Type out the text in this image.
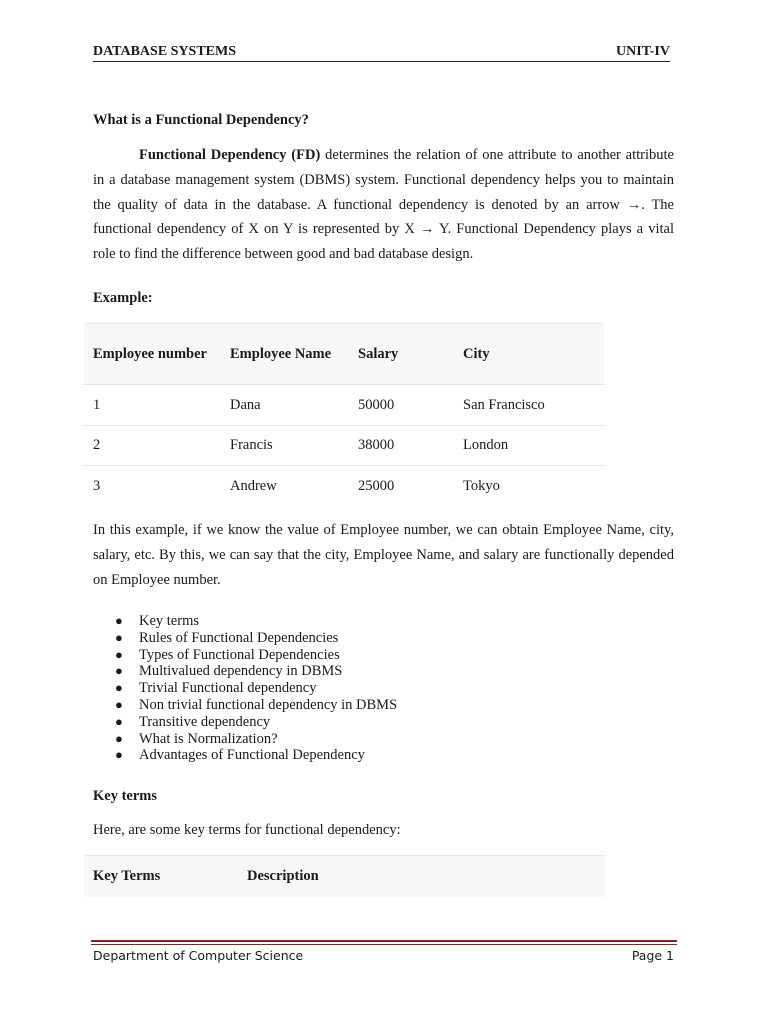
DATABASE SYSTEMS	UNIT-IV
What is a Functional Dependency?

Functional Dependency (FD) determines the relation of one attribute to another attribute in a database management system (DBMS) system. Functional dependency helps you to maintain the quality of data in the database. A functional dependency is denoted by an arrow →. The functional dependency of X on Y is represented by X → Y. Functional Dependency plays a vital role to find the difference between good and bad database design.

Example:
Employee number	Employee Name	Salary	City
1	Dana	50000	San Francisco
2	Francis	38000	London
3	Andrew	25000	Tokyo

In this example, if we know the value of Employee number, we can obtain Employee Name, city, salary, etc. By this, we can say that the city, Employee Name, and salary are functionally depended on Employee number.

● Key terms
● Rules of Functional Dependencies
● Types of Functional Dependencies
● Multivalued dependency in DBMS
● Trivial Functional dependency
● Non trivial functional dependency in DBMS
● Transitive dependency
● What is Normalization?
● Advantages of Functional Dependency
Key terms

Here, are some key terms for functional dependency:

Key Terms	Description
Department of Computer Science	Page 1
